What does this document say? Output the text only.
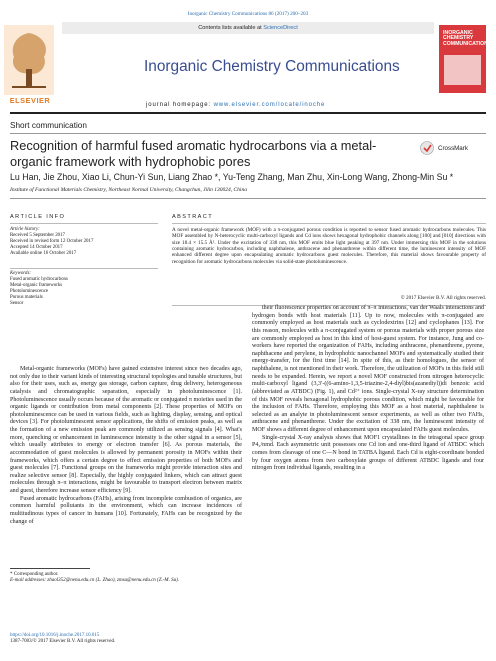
Inorganic Chemistry Communications 86 (2017) 200–203
ELSEVIER
Contents lists available at ScienceDirect
Inorganic Chemistry Communications
journal homepage: www.elsevier.com/locate/inoche
INORGANIC CHEMISTRY COMMUNICATIONS
Short communication
Recognition of harmful fused aromatic hydrocarbons via a metal-organic framework with hydrophobic pores
CrossMark
Lu Han, Jie Zhou, Xiao Li, Chun-Yi Sun, Liang Zhao *, Yu-Teng Zhang, Man Zhu, Xin-Long Wang, Zhong-Min Su *
Institute of Functional Materials Chemistry, Northeast Normal University, Changchun, Jilin 130024, China
ARTICLE INFO	ABSTRACT
Article history:
Received 5 September 2017
Received in revised form 12 October 2017
Accepted 14 October 2017
Available online 16 October 2017
Keywords:
Fused aromatic hydrocarbons
Metal-organic frameworks
Photoluminescence
Porous materials
Sensor
A novel metal-organic framework (MOF) with a π-conjugated porous condition is reported to sensor fused aromatic hydrocarbons molecules. This MOF assembled by N-heterocyclic multi-carboxyl ligands and Cd ions shows hexagonal hydrophobic channels along [100] and [010] directions with size 18.4 × 15.5 Å². Under the excitation of 338 nm, this MOF emits blue light peaking at 397 nm. Under immersing this MOF in the solutions containing aromatic hydrocarbon, including naphthalene, anthracene and phenanthrene within different time, the luminescent intensity of MOF enhanced different degree upon encapsulating aromatic hydrocarbons guest molecules. Therefore, this material shows favourable property of recognition for aromatic hydrocarbons molecules via solid-state photoluminescence.
© 2017 Elsevier B.V. All rights reserved.

Metal-organic frameworks (MOFs) have gained extensive interest since two decades ago, not only due to their variant kinds of interesting structural topologies and tunable structures, but also for their uses, such as, energy gas storage, carbon capture, drug delivery, heterogeneous catalysis and chromatographic separation, especially in photoluminescence [1]. Photoluminescence usually occurs because of the aromatic or conjugated π moieties used in the organic ligands or contribution from metal components [2]. These properties of MOFs on photoluminescence can be used in various fields, such as lighting, display, sensing, and optical devices [3]. For photoluminescent sensor applications, the shifts of emission peaks, as well as the formation of a new emission peak are commonly utilized as sensing signals [4]. What's more, quenching or enhancement in luminescence intensity is the other signal in a sensor [5], which usually attributes to energy or electron transfer [6]. As porous materials, the accommodation of guest molecules is allowed by permanent porosity in MOFs within their frameworks, which offers a certain degree to effect emission properties of both MOFs and guest molecules [7]. Functional groups on the frameworks might provide interaction sites and realize selective sensor [8]. Especially, the highly conjugated linkers, which can attract guest molecules through π–π interactions, might be favourable to transport electron between matrix and guest, therefore increase sensor efficiency [9].

Fused aromatic hydrocarbons (FAHs), arising from incomplete combustion of organics, are common harmful pollutants in the environment, which can increase incidences of multitudinous types of cancer in humans [10]. Fortunately, FAHs can be recognized by the change of

their fluorescence properties on account of π–π interactions, van der Waals interactions and hydrogen bonds with host materials [11]. Up to now, molecules with π-conjugated are commonly employed as host materials such as cyclodextrins [12] and cyclophanes [13]. For this reason, molecules with a π-conjugated system or porous materials with proper porous size are commonly employed as host in this kind of host-guest system. For instance, Jung and co-workers have reported the organization of FAHs, including anthracene, phenanthrene, pyrene, naphthacene and perylene, in hydrophobic nanochannel MOFs and systematically studied their energy-transfer, for the first time [14]. In spite of this, as their homologues, the sensor of naphthalene, is not mentioned in their work. Therefore, the utilization of MOFs in this field still needs to be expanded. Herein, we report a novel MOF constructed from nitrogen heterocyclic multi-carboxyl ligand (3,3′-((6-amino-1,3,5-triazine-2,4-diyl)bis(azanediyl))di benzoic acid (abbreviated as ATBDC) (Fig. 1), and Cd²⁺ ions. Single-crystal X-ray structure determination of this MOF reveals hexagonal hydrophobic porous condition, which might be favourable for the inclusion of FAHs. Therefore, employing this MOF as a host material, naphthalene is selected as an analyte in photoluminescent sensor experiments, as well as other two FAHs, anthracene and phenanthrene. Under the excitation of 338 nm, the luminescent intensity of MOF shows a different degree of enhancement upon encapsulated FAHs guest molecules.

Single-crystal X-ray analysis shows that MOF1 crystallines in the tetragonal space group P4₂/nmd. Each asymmetric unit possesses one Cd ion and one-third ligand of ATBDC which comes from cleavage of one C—N bond in TATBA ligand. Each Cd is eight-coordinate bonded by four oxygen atoms from two carboxylate groups of different ATBDC ligands and four nitrogen from individual ligands, resulting in a

* Corresponding author.
E-mail addresses: zhaol352@nenu.edu.cn (L. Zhao), zmsu@nenu.edu.cn (Z.-M. Su).
https://doi.org/10.1016/j.inoche.2017.10.015
1387-7003/© 2017 Elsevier B.V. All rights reserved.
